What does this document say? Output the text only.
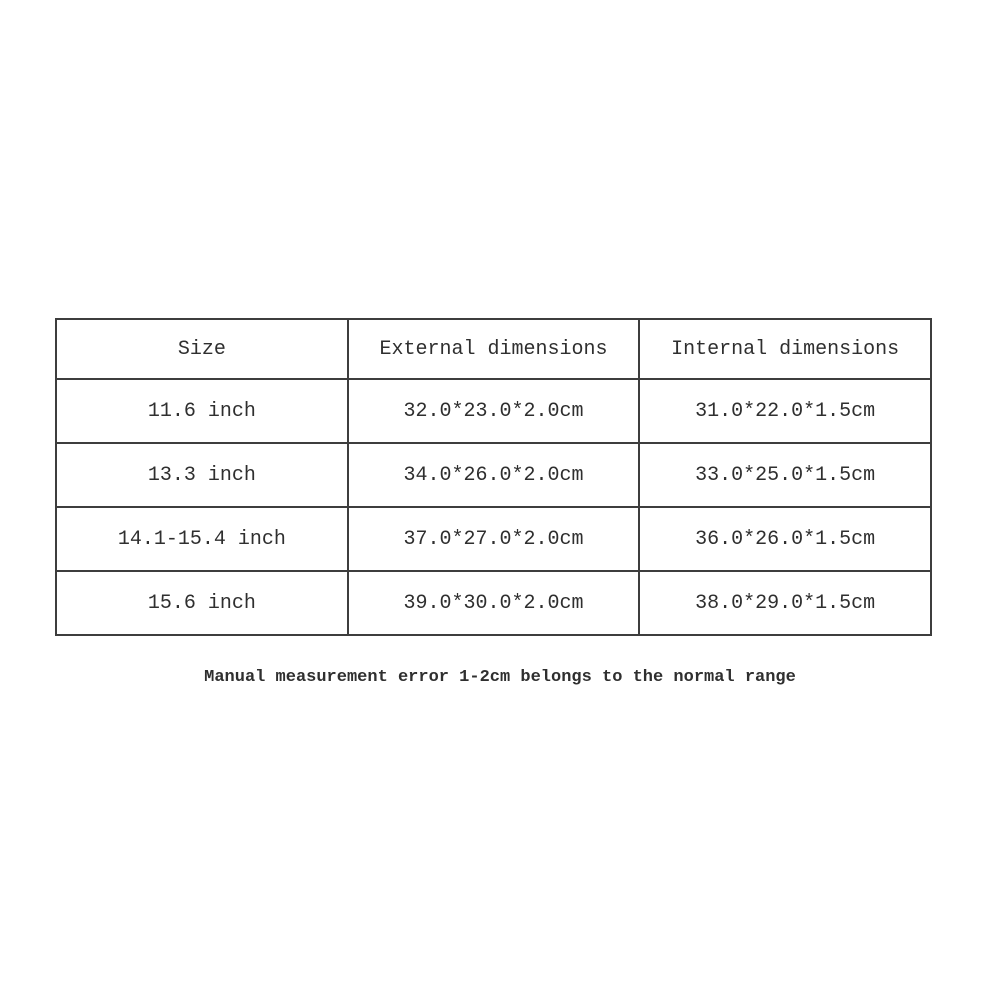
Size	External dimensions	Internal dimensions
11.6 inch	32.0*23.0*2.0cm	31.0*22.0*1.5cm
13.3 inch	34.0*26.0*2.0cm	33.0*25.0*1.5cm
14.1-15.4 inch	37.0*27.0*2.0cm	36.0*26.0*1.5cm
15.6 inch	39.0*30.0*2.0cm	38.0*29.0*1.5cm
Manual measurement error 1-2cm belongs to the normal range
